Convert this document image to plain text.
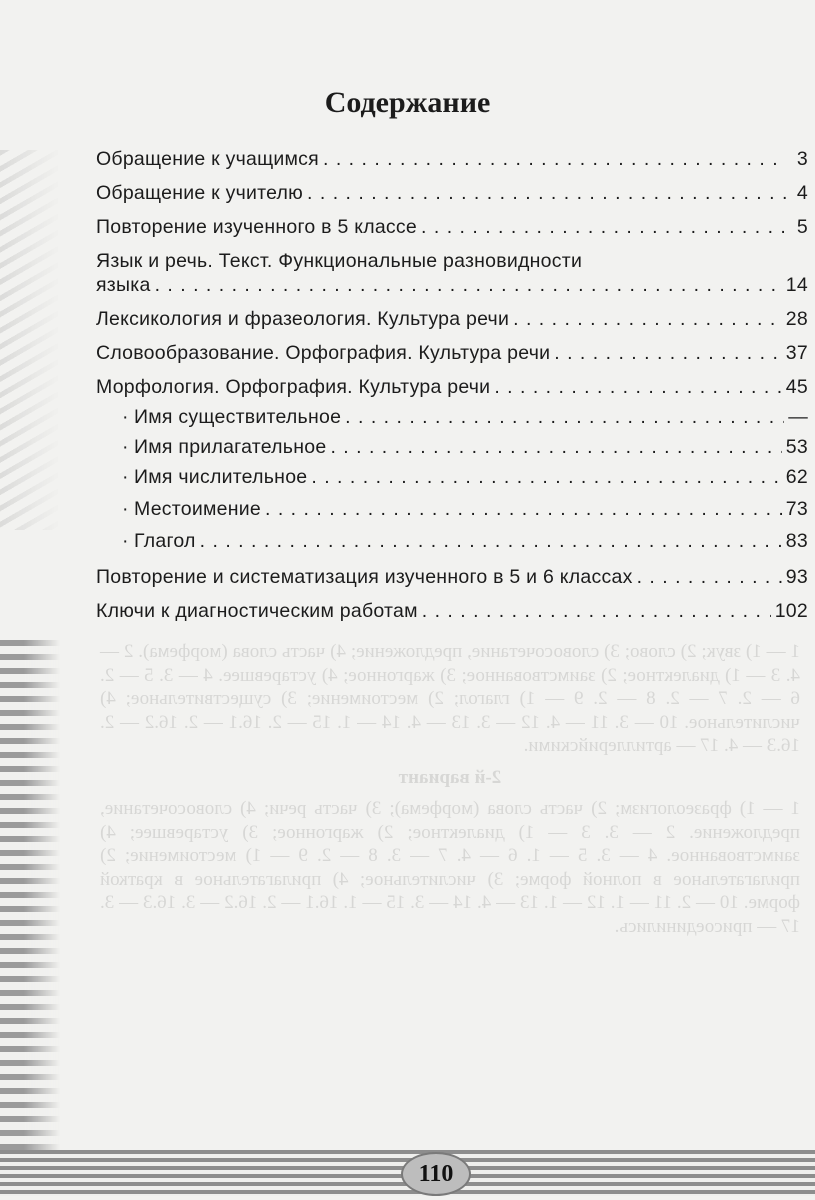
1 — 1) звук; 2) слово; 3) словосочетание, предложение; 4) часть слова (морфема). 2 — 4. 3 — 1) диалектное; 2) заимствованное; 3) жаргонное; 4) устаревшее. 4 — 3. 5 — 2. 6 — 2. 7 — 2. 8 — 2. 9 — 1) глагол; 2) местоимение; 3) существительное; 4) числительное. 10 — 3. 11 — 4. 12 — 3. 13 — 4. 14 — 1. 15 — 2. 16.1 — 2. 16.2 — 2. 16.3 — 4. 17 — артиллерийскими.

2-й вариант

1 — 1) фразеологизм; 2) часть слова (морфема); 3) часть речи; 4) словосочетание, предложение. 2 — 3. 3 — 1) диалектное; 2) жаргонное; 3) устаревшее; 4) заимствованное. 4 — 3. 5 — 1. 6 — 4. 7 — 3. 8 — 2. 9 — 1) местоимение; 2) прилагательное в полной форме; 3) числительное; 4) прилагательное в краткой форме. 10 — 2. 11 — 1. 12 — 1. 13 — 4. 14 — 3. 15 — 1. 16.1 — 2. 16.2 — 3. 16.3 — 3. 17 — присоединились.

Содержание
Обращение к учащимся . . .	3
Обращение к учителю . . .	4
Повторение изученного в 5 классе . . .	5
Язык и речь. Текст. Функциональные разновидности
языка . . .	14
Лексикология и фразеология. Культура речи . . .	28
Словообразование. Орфография. Культура речи . . .	37
Морфология. Орфография. Культура речи . . .	45
· Имя существительное . . .	—
· Имя прилагательное . . .	53
· Имя числительное . . .	62
· Местоимение . . .	73
· Глагол . . .	83
Повторение и систематизация изученного в 5 и 6 классах . . .	93
Ключи к диагностическим работам . . .	102
110
